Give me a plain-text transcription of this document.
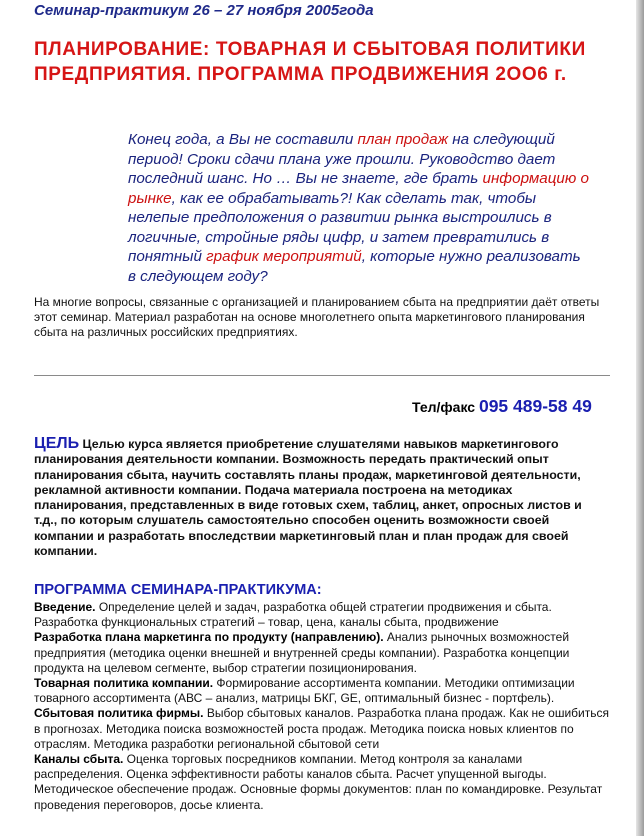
Семинар-практикум 26 – 27 ноября 2005года
ПЛАНИРОВАНИЕ: ТОВАРНАЯ И СБЫТОВАЯ ПОЛИТИКИ ПРЕДПРИЯТИЯ. ПРОГРАММА ПРОДВИЖЕНИЯ 2ОО6 г.
Конец года, а Вы не составили план продаж на следующий период! Сроки сдачи плана уже прошли. Руководство дает последний шанс. Но … Вы не знаете, где брать информацию о рынке, как ее обрабатывать?! Как сделать так, чтобы нелепые предположения о развитии рынка выстроились в логичные, стройные ряды цифр, и затем превратились в понятный график мероприятий, которые нужно реализовать в следующем году?
На многие вопросы, связанные с организацией и планированием сбыта на предприятии даёт ответы этот семинар. Материал разработан на основе многолетнего опыта маркетингового планирования сбыта на различных российских предприятиях.
Тел/факс 095 489-58 49
ЦЕЛЬ Целью курса является приобретение слушателями навыков маркетингового планирования деятельности компании. Возможность передать практический опыт планирования сбыта, научить составлять планы продаж, маркетинговой деятельности, рекламной активности компании. Подача материала построена на методиках планирования, представленных в виде готовых схем, таблиц, анкет, опросных листов и т.д., по которым слушатель самостоятельно способен оценить возможности своей компании и разработать впоследствии маркетинговый план и план продаж для своей компании.
ПРОГРАММА СЕМИНАРА-ПРАКТИКУМА:
Введение. Определение целей и задач, разработка общей стратегии продвижения и сбыта. Разработка функциональных стратегий – товар, цена, каналы сбыта, продвижение
Разработка плана маркетинга по продукту (направлению). Анализ рыночных возможностей предприятия (методика оценки внешней и внутренней среды компании). Разработка концепции продукта на целевом сегменте, выбор стратегии позиционирования.
Товарная политика компании. Формирование ассортимента компании. Методики оптимизации товарного ассортимента (АВС – анализ, матрицы БКГ, GE, оптимальный бизнес - портфель).
Сбытовая политика фирмы. Выбор сбытовых каналов. Разработка плана продаж. Как не ошибиться в прогнозах. Методика поиска возможностей роста продаж. Методика поиска новых клиентов по отраслям. Методика разработки региональной сбытовой сети
Каналы сбыта. Оценка торговых посредников компании. Метод контроля за каналами распределения. Оценка эффективности работы каналов сбыта. Расчет упущенной выгоды. Методическое обеспечение продаж. Основные формы документов: план по командировке. Результат проведения переговоров, досье клиента.
